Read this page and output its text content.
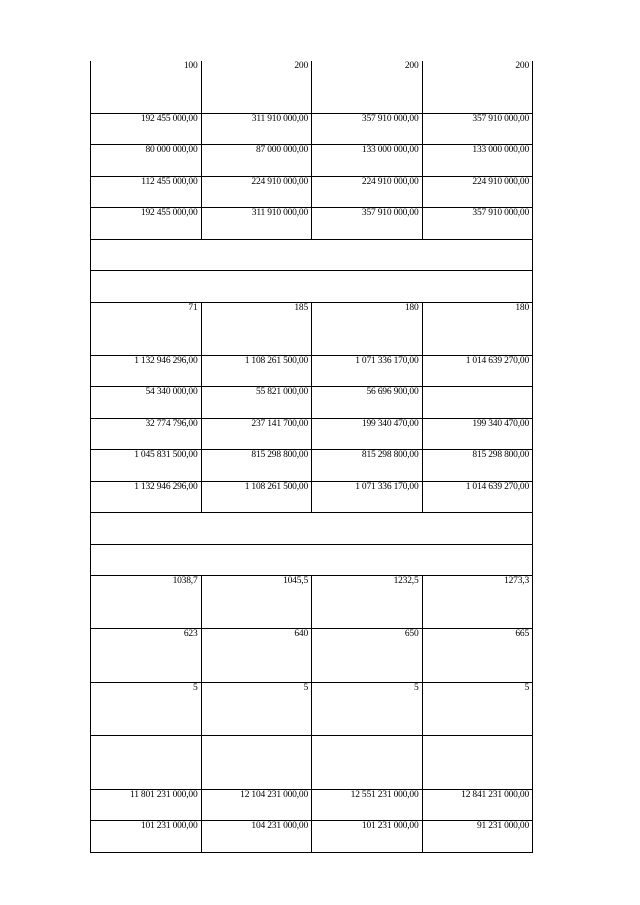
100	200	200	200
192 455 000,00	311 910 000,00	357 910 000,00	357 910 000,00
80 000 000,00	87 000 000,00	133 000 000,00	133 000 000,00
112 455 000,00	224 910 000,00	224 910 000,00	224 910 000,00
192 455 000,00	311 910 000,00	357 910 000,00	357 910 000,00

71	185	180	180
1 132 946 296,00	1 108 261 500,00	1 071 336 170,00	1 014 639 270,00
54 340 000,00	55 821 000,00	56 696 900,00	
32 774 796,00	237 141 700,00	199 340 470,00	199 340 470,00
1 045 831 500,00	815 298 800,00	815 298 800,00	815 298 800,00
1 132 946 296,00	1 108 261 500,00	1 071 336 170,00	1 014 639 270,00

1038,7	1045,5	1232,5	1273,3
623	640	650	665
5	5	5	5

11 801 231 000,00	12 104 231 000,00	12 551 231 000,00	12 841 231 000,00
101 231 000,00	104 231 000,00	101 231 000,00	91 231 000,00
